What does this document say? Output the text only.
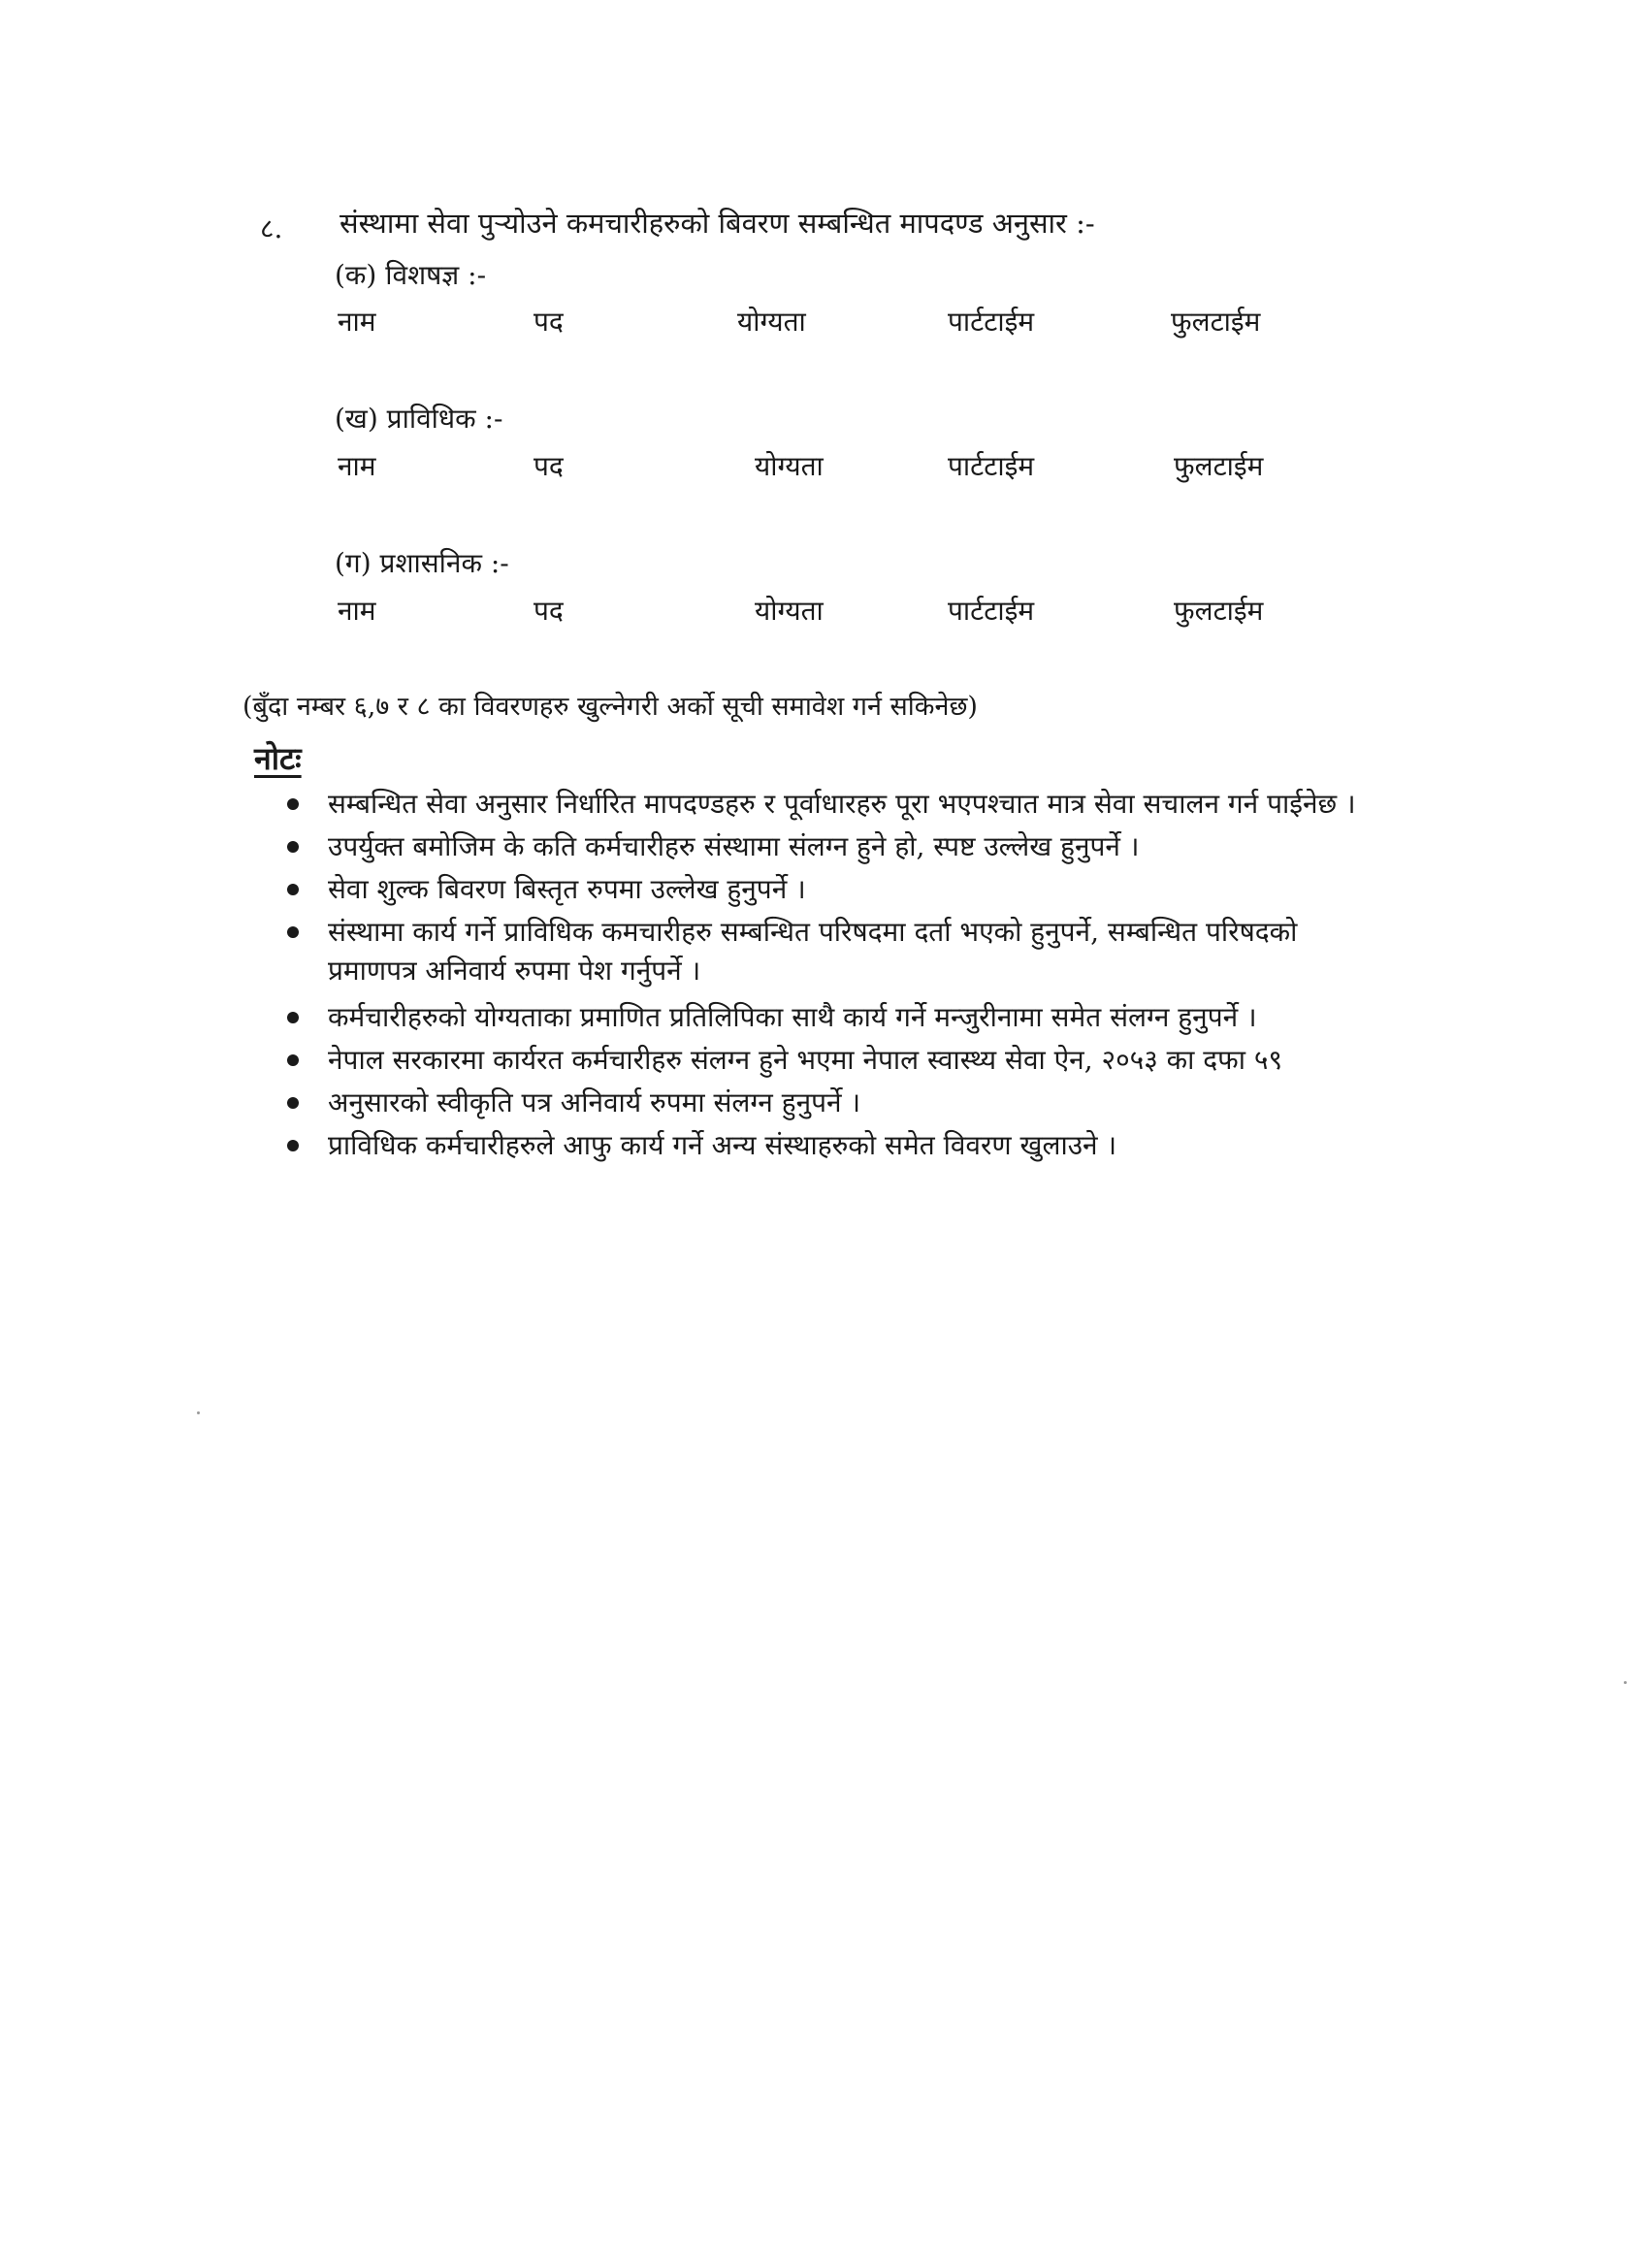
८. संस्थामा सेवा पुऱ्योउने कमचारीहरुको बिवरण सम्बन्धित मापदण्ड अनुसार :-
(क) विशषज्ञ :-
नाम	पद	योग्यता	पार्टटाईम	फुलटाईम
(ख) प्राविधिक :-
नाम	पद	योग्यता	पार्टटाईम	फुलटाईम
(ग) प्रशासनिक :-
नाम	पद	योग्यता	पार्टटाईम	फुलटाईम
(बुँदा नम्बर ६,७ र ८ का विवरणहरु खुल्नेगरी अर्को सूची समावेश गर्न सकिनेछ)
नोटः
सम्बन्धित सेवा अनुसार निर्धारित मापदण्डहरु र पूर्वाधारहरु पूरा भएपश्चात मात्र सेवा सचालन गर्न पाईनेछ ।
उपर्युक्त बमोजिम के कति कर्मचारीहरु संस्थामा संलग्न हुने हो, स्पष्ट उल्लेख हुनुपर्ने ।
सेवा शुल्क बिवरण बिस्तृत रुपमा उल्लेख हुनुपर्ने ।
संस्थामा कार्य गर्ने प्राविधिक कमचारीहरु सम्बन्धित परिषदमा दर्ता भएको हुनुपर्ने, सम्बन्धित परिषदको
प्रमाणपत्र अनिवार्य रुपमा पेश गर्नुपर्ने ।
कर्मचारीहरुको योग्यताका प्रमाणित प्रतिलिपिका साथै कार्य गर्ने मन्जुरीनामा समेत संलग्न हुनुपर्ने ।
नेपाल सरकारमा कार्यरत कर्मचारीहरु संलग्न हुने भएमा नेपाल स्वास्थ्य सेवा ऐन, २०५३ का दफा ५९
अनुसारको स्वीकृति पत्र अनिवार्य रुपमा संलग्न हुनुपर्ने ।
प्राविधिक कर्मचारीहरुले आफु कार्य गर्ने अन्य संस्थाहरुको समेत विवरण खुलाउने ।
